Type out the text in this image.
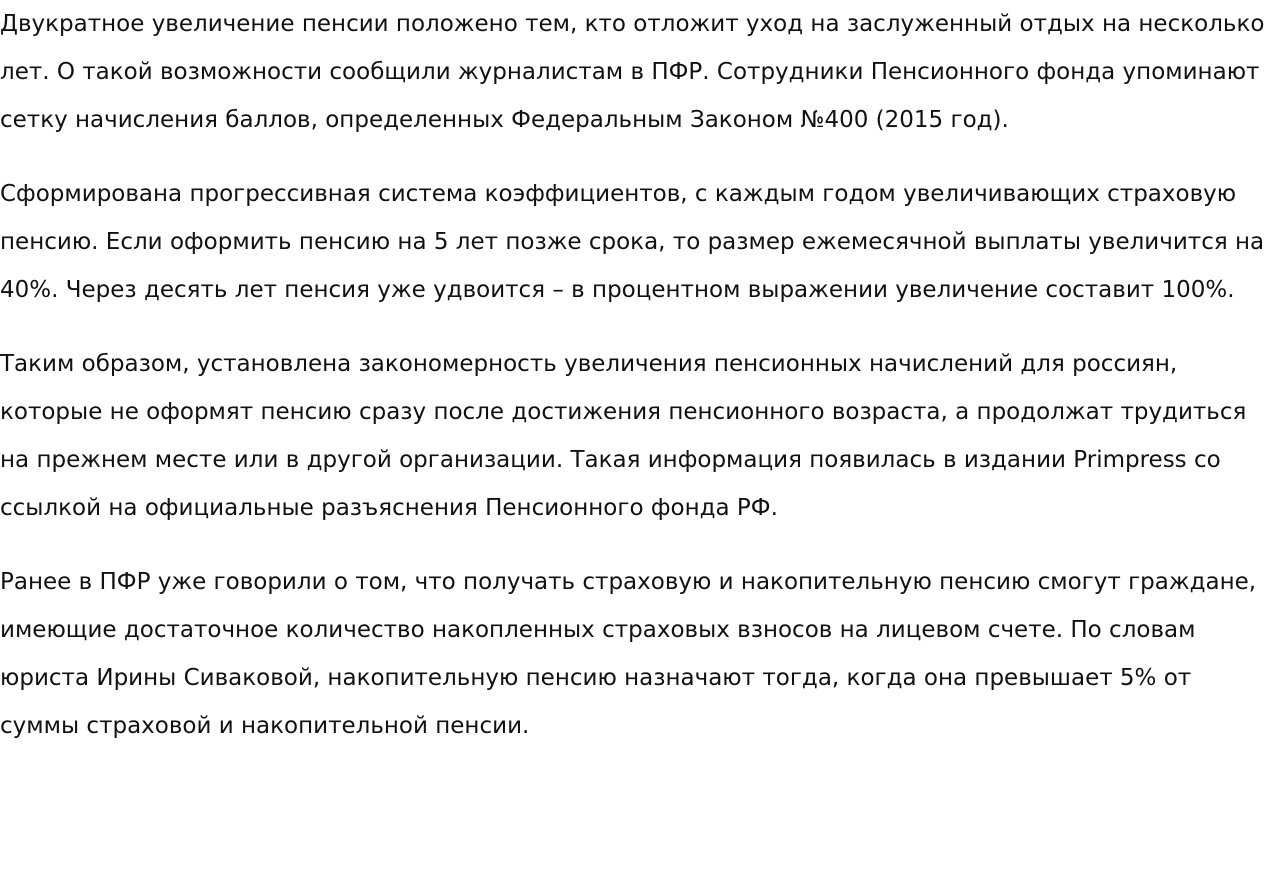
Двукратное увеличение пенсии положено тем, кто отложит уход на заслуженный отдых на несколько лет. О такой возможности сообщили журналистам в ПФР. Сотрудники Пенсионного фонда упоминают сетку начисления баллов, определенных Федеральным Законом №400 (2015 год).

Сформирована прогрессивная система коэффициентов, с каждым годом увеличивающих страховую пенсию. Если оформить пенсию на 5 лет позже срока, то размер ежемесячной выплаты увеличится на 40%. Через десять лет пенсия уже удвоится – в процентном выражении увеличение составит 100%.

Таким образом, установлена закономерность увеличения пенсионных начислений для россиян, которые не оформят пенсию сразу после достижения пенсионного возраста, а продолжат трудиться на прежнем месте или в другой организации. Такая информация появилась в издании Primpress со ссылкой на официальные разъяснения Пенсионного фонда РФ.

Ранее в ПФР уже говорили о том, что получать страховую и накопительную пенсию смогут граждане, имеющие достаточное количество накопленных страховых взносов на лицевом счете. По словам юриста Ирины Сиваковой, накопительную пенсию назначают тогда, когда она превышает 5% от суммы страховой и накопительной пенсии.
